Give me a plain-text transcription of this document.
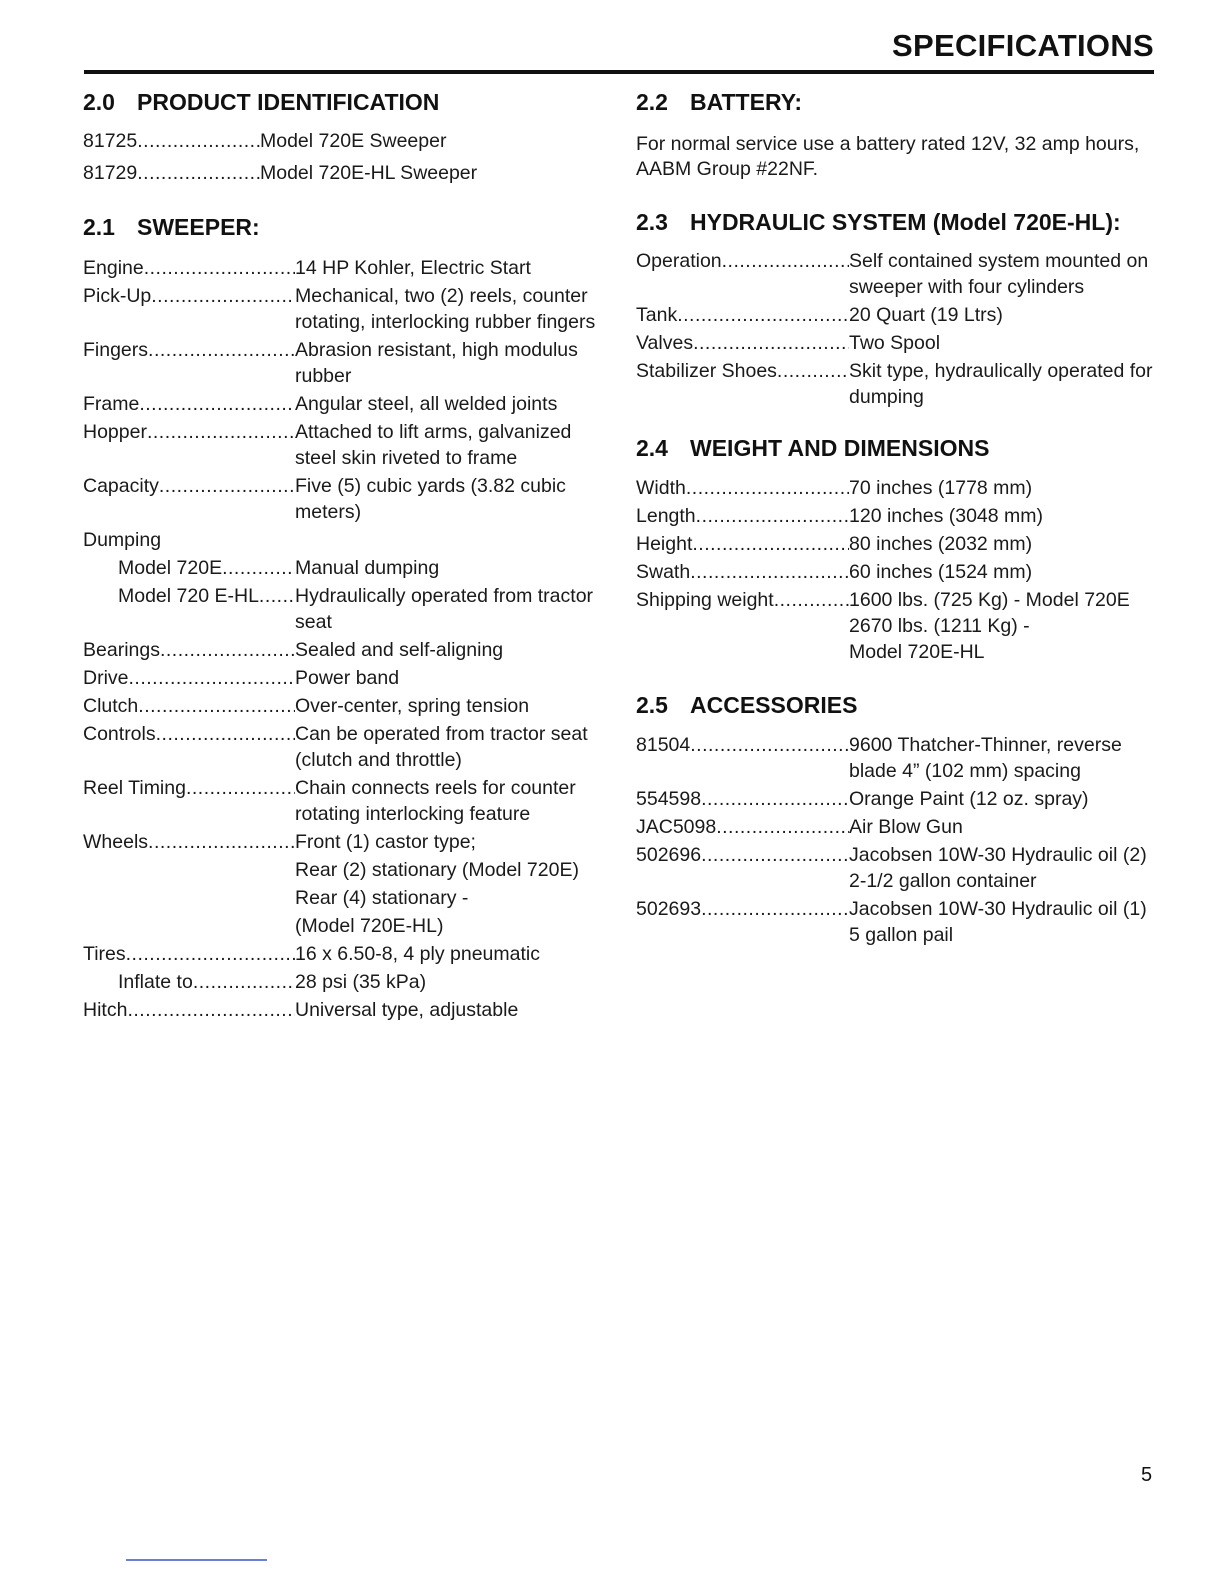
SPECIFICATIONS
2.0 PRODUCT IDENTIFICATION
81725 .....	Model 720E Sweeper
81729 .....	Model 720E-HL Sweeper
2.1 SWEEPER:
Engine .....	14 HP Kohler, Electric Start
Pick-Up .....	Mechanical, two (2) reels, counter rotating, interlocking rubber fingers
Fingers .....	Abrasion resistant, high modulus rubber
Frame .....	Angular steel, all welded joints
Hopper .....	Attached to lift arms, galvanized steel skin riveted to frame
Capacity .....	Five (5) cubic yards (3.82 cubic meters)
Dumping
Model 720E .....	Manual dumping
Model 720 E-HL ..... Hydraulically operated from tractor seat
Bearings .....	Sealed and self-aligning
Drive .....	Power band
Clutch .....	Over-center, spring tension
Controls .....	Can be operated from tractor seat (clutch and throttle)
Reel Timing .....	Chain connects reels for counter rotating interlocking feature
Wheels .....	Front (1) castor type;
Rear (2) stationary (Model 720E)
Rear (4) stationary -
(Model 720E-HL)
Tires .....	16 x 6.50-8, 4 ply pneumatic
Inflate to .....	28 psi (35 kPa)
Hitch .....	Universal type, adjustable
2.2 BATTERY:

For normal service use a battery rated 12V, 32 amp hours, AABM Group #22NF.

2.3 HYDRAULIC SYSTEM (Model 720E-HL):
Operation .....	Self contained system mounted on sweeper with four cylinders
Tank .....	20 Quart (19 Ltrs)
Valves .....	Two Spool
Stabilizer Shoes .....	Skit type, hydraulically operated for dumping
2.4 WEIGHT AND DIMENSIONS
Width .....	70 inches (1778 mm)
Length .....	120 inches (3048 mm)
Height .....	80 inches (2032 mm)
Swath .....	60 inches (1524 mm)
Shipping weight .....	1600 lbs. (725 Kg) - Model 720E
2670 lbs. (1211 Kg) -
Model 720E-HL
2.5 ACCESSORIES
81504 .....	9600 Thatcher-Thinner, reverse blade 4” (102 mm) spacing
554598 .....	Orange Paint (12 oz. spray)
JAC5098 .....	Air Blow Gun
502696 .....	Jacobsen 10W-30 Hydraulic oil (2) 2-1/2 gallon container
502693 .....	Jacobsen 10W-30 Hydraulic oil (1) 5 gallon pail
5
